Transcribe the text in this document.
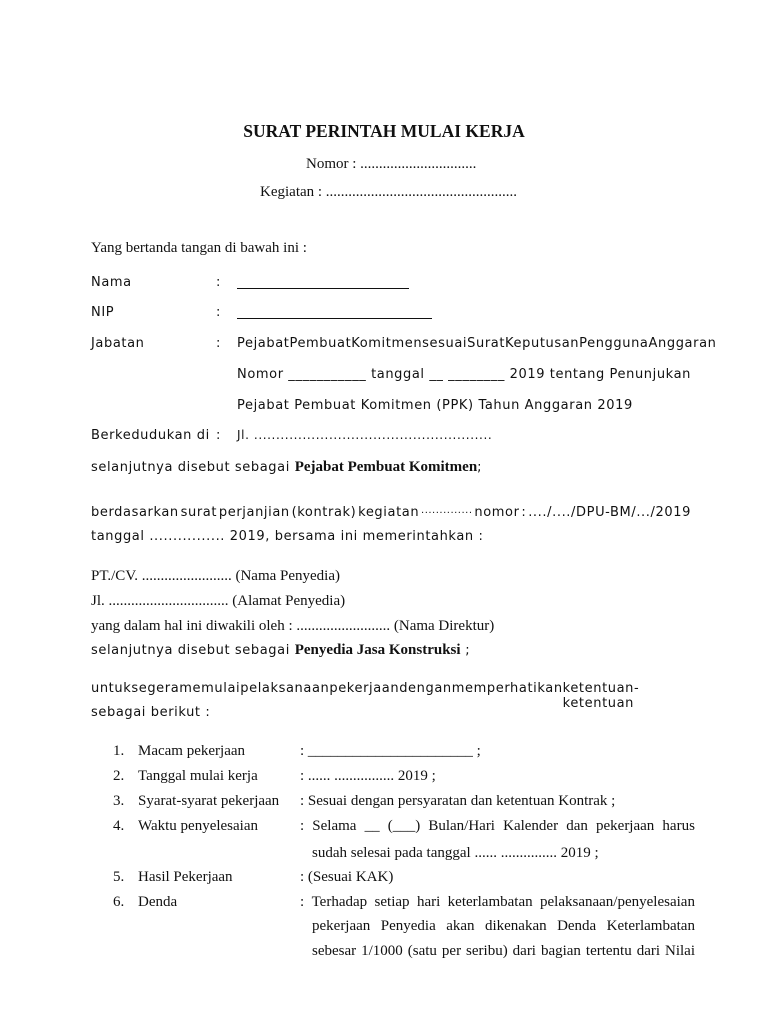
SURAT PERINTAH MULAI KERJA
Nomor : ...............................
Kegiatan : ...................................................
Yang bertanda tangan di bawah ini :
Nama	:
NIP	:
Jabatan	: Pejabat Pembuat Komitmen sesuai Surat Keputusan Pengguna Anggaran
Nomor ___________ tanggal __ ________ 2019 tentang Penunjukan
Pejabat Pembuat Komitmen (PPK) Tahun Anggaran 2019
Berkedudukan di : Jl. ......................................................
selanjutnya disebut sebagai Pejabat Pembuat Komitmen;
berdasarkan surat perjanjian (kontrak) kegiatan .............. nomor : ..../..../DPU-BM/.../2019
tanggal ................ 2019, bersama ini memerintahkan :
PT./CV. ........................ (Nama Penyedia)
Jl. ................................ (Alamat Penyedia)
yang dalam hal ini diwakili oleh : ......................... (Nama Direktur)
selanjutnya disebut sebagai Penyedia Jasa Konstruksi ;
untuk segera memulai pelaksanaan pekerjaan dengan memperhatikan ketentuan-ketentuan
sebagai berikut :
1. Macam pekerjaan	: ______________________ ;
2. Tanggal mulai kerja	: ...... ................ 2019 ;
3. Syarat-syarat pekerjaan : Sesuai dengan persyaratan dan ketentuan Kontrak ;
4. Waktu penyelesaian	: Selama __ (___) Bulan/Hari Kalender dan pekerjaan harus
sudah selesai pada tanggal ...... ............... 2019 ;
5. Hasil Pekerjaan	: (Sesuai KAK)
6. Denda	: Terhadap setiap hari keterlambatan pelaksanaan/penyelesaian
pekerjaan Penyedia akan dikenakan Denda Keterlambatan
sebesar 1/1000 (satu per seribu) dari bagian tertentu dari Nilai
